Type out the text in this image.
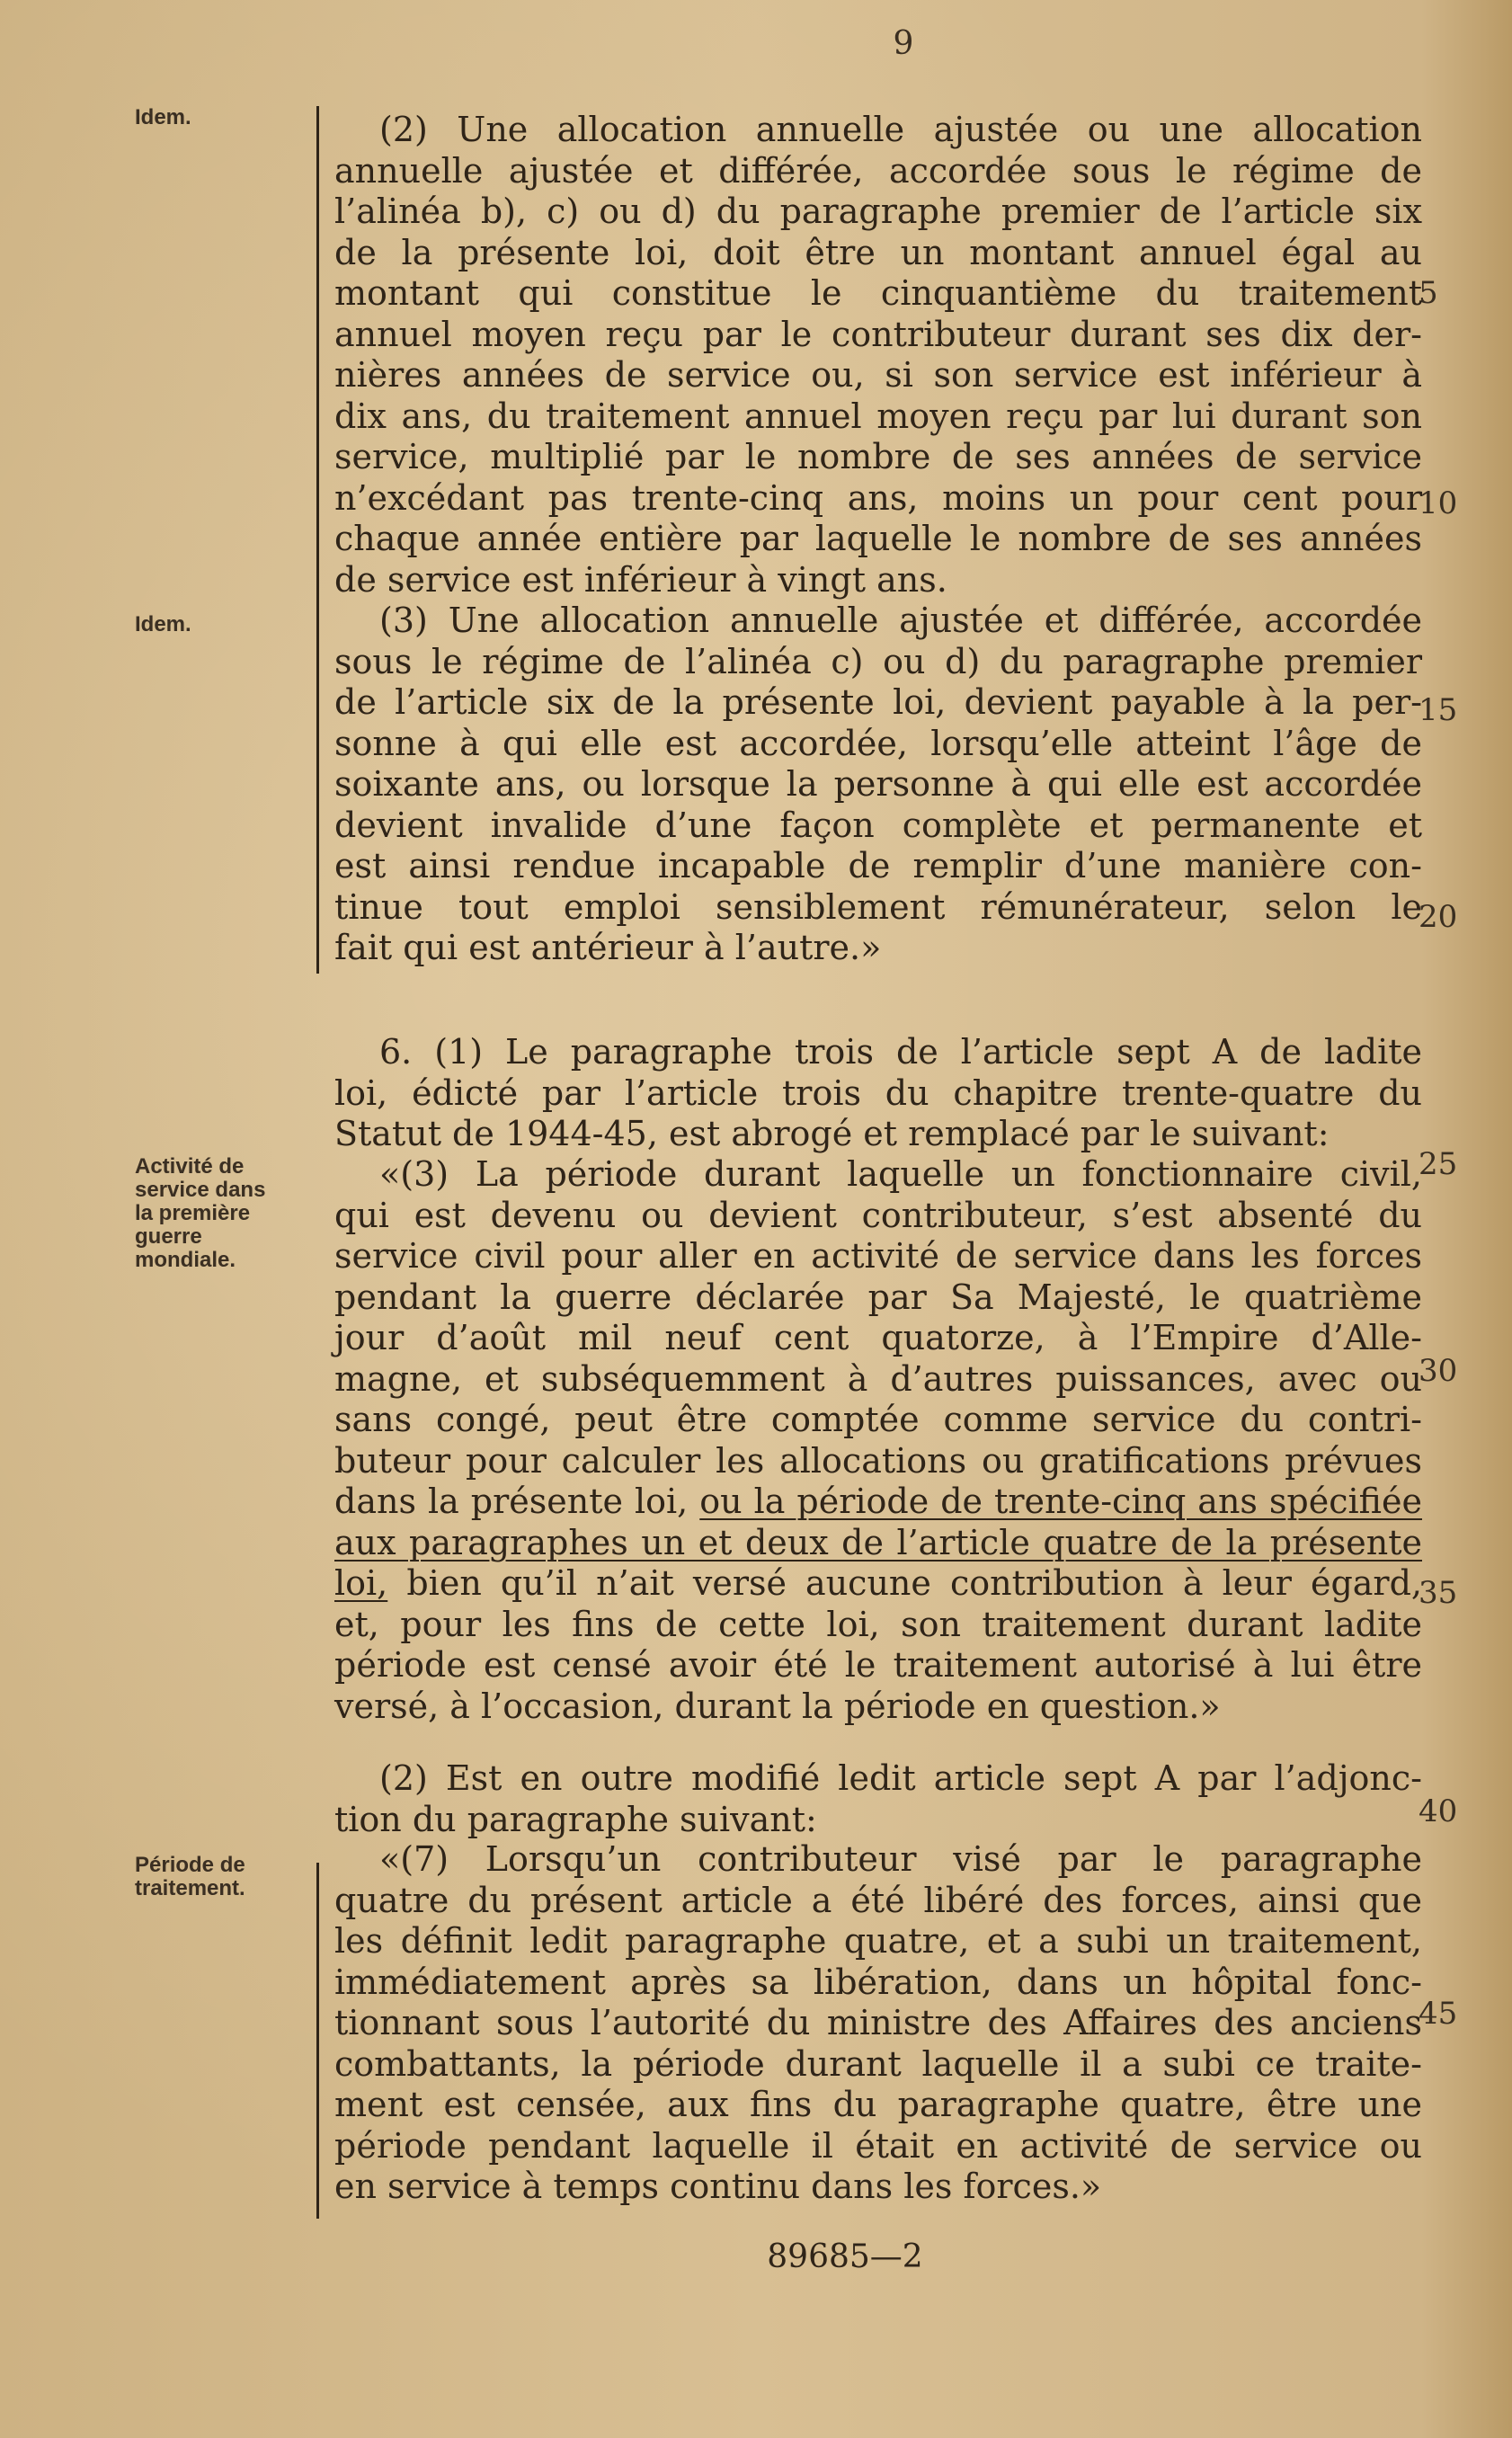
9
Idem.
Idem.
Activité de
service dans
la première
guerre
mondiale.
Période de
traitement.
5
10
15
20
25
30
35
40
45
(2) Une allocation annuelle ajustée ou une allocation
annuelle ajustée et différée, accordée sous le régime de
l’alinéa b), c) ou d) du paragraphe premier de l’article six
de la présente loi, doit être un montant annuel égal au
montant qui constitue le cinquantième du traitement
annuel moyen reçu par le contributeur durant ses dix der-
nières années de service ou, si son service est inférieur à
dix ans, du traitement annuel moyen reçu par lui durant son
service, multiplié par le nombre de ses années de service
n’excédant pas trente-cinq ans, moins un pour cent pour
chaque année entière par laquelle le nombre de ses années
de service est inférieur à vingt ans.
(3) Une allocation annuelle ajustée et différée, accordée
sous le régime de l’alinéa c) ou d) du paragraphe premier
de l’article six de la présente loi, devient payable à la per-
sonne à qui elle est accordée, lorsqu’elle atteint l’âge de
soixante ans, ou lorsque la personne à qui elle est accordée
devient invalide d’une façon complète et permanente et
est ainsi rendue incapable de remplir d’une manière con-
tinue tout emploi sensiblement rémunérateur, selon le
fait qui est antérieur à l’autre.»
6. (1) Le paragraphe trois de l’article sept A de ladite
loi, édicté par l’article trois du chapitre trente-quatre du
Statut de 1944-45, est abrogé et remplacé par le suivant:
«(3) La période durant laquelle un fonctionnaire civil,
qui est devenu ou devient contributeur, s’est absenté du
service civil pour aller en activité de service dans les forces
pendant la guerre déclarée par Sa Majesté, le quatrième
jour d’août mil neuf cent quatorze, à l’Empire d’Alle-
magne, et subséquemment à d’autres puissances, avec ou
sans congé, peut être comptée comme service du contri-
buteur pour calculer les allocations ou gratifications prévues
dans la présente loi, ou la période de trente-cinq ans spécifiée
aux paragraphes un et deux de l’article quatre de la présente
loi, bien qu’il n’ait versé aucune contribution à leur égard,
et, pour les fins de cette loi, son traitement durant ladite
période est censé avoir été le traitement autorisé à lui être
versé, à l’occasion, durant la période en question.»
(2) Est en outre modifié ledit article sept A par l’adjonc-
tion du paragraphe suivant:
«(7) Lorsqu’un contributeur visé par le paragraphe
quatre du présent article a été libéré des forces, ainsi que
les définit ledit paragraphe quatre, et a subi un traitement,
immédiatement après sa libération, dans un hôpital fonc-
tionnant sous l’autorité du ministre des Affaires des anciens
combattants, la période durant laquelle il a subi ce traite-
ment est censée, aux fins du paragraphe quatre, être une
période pendant laquelle il était en activité de service ou
en service à temps continu dans les forces.»
89685—2
